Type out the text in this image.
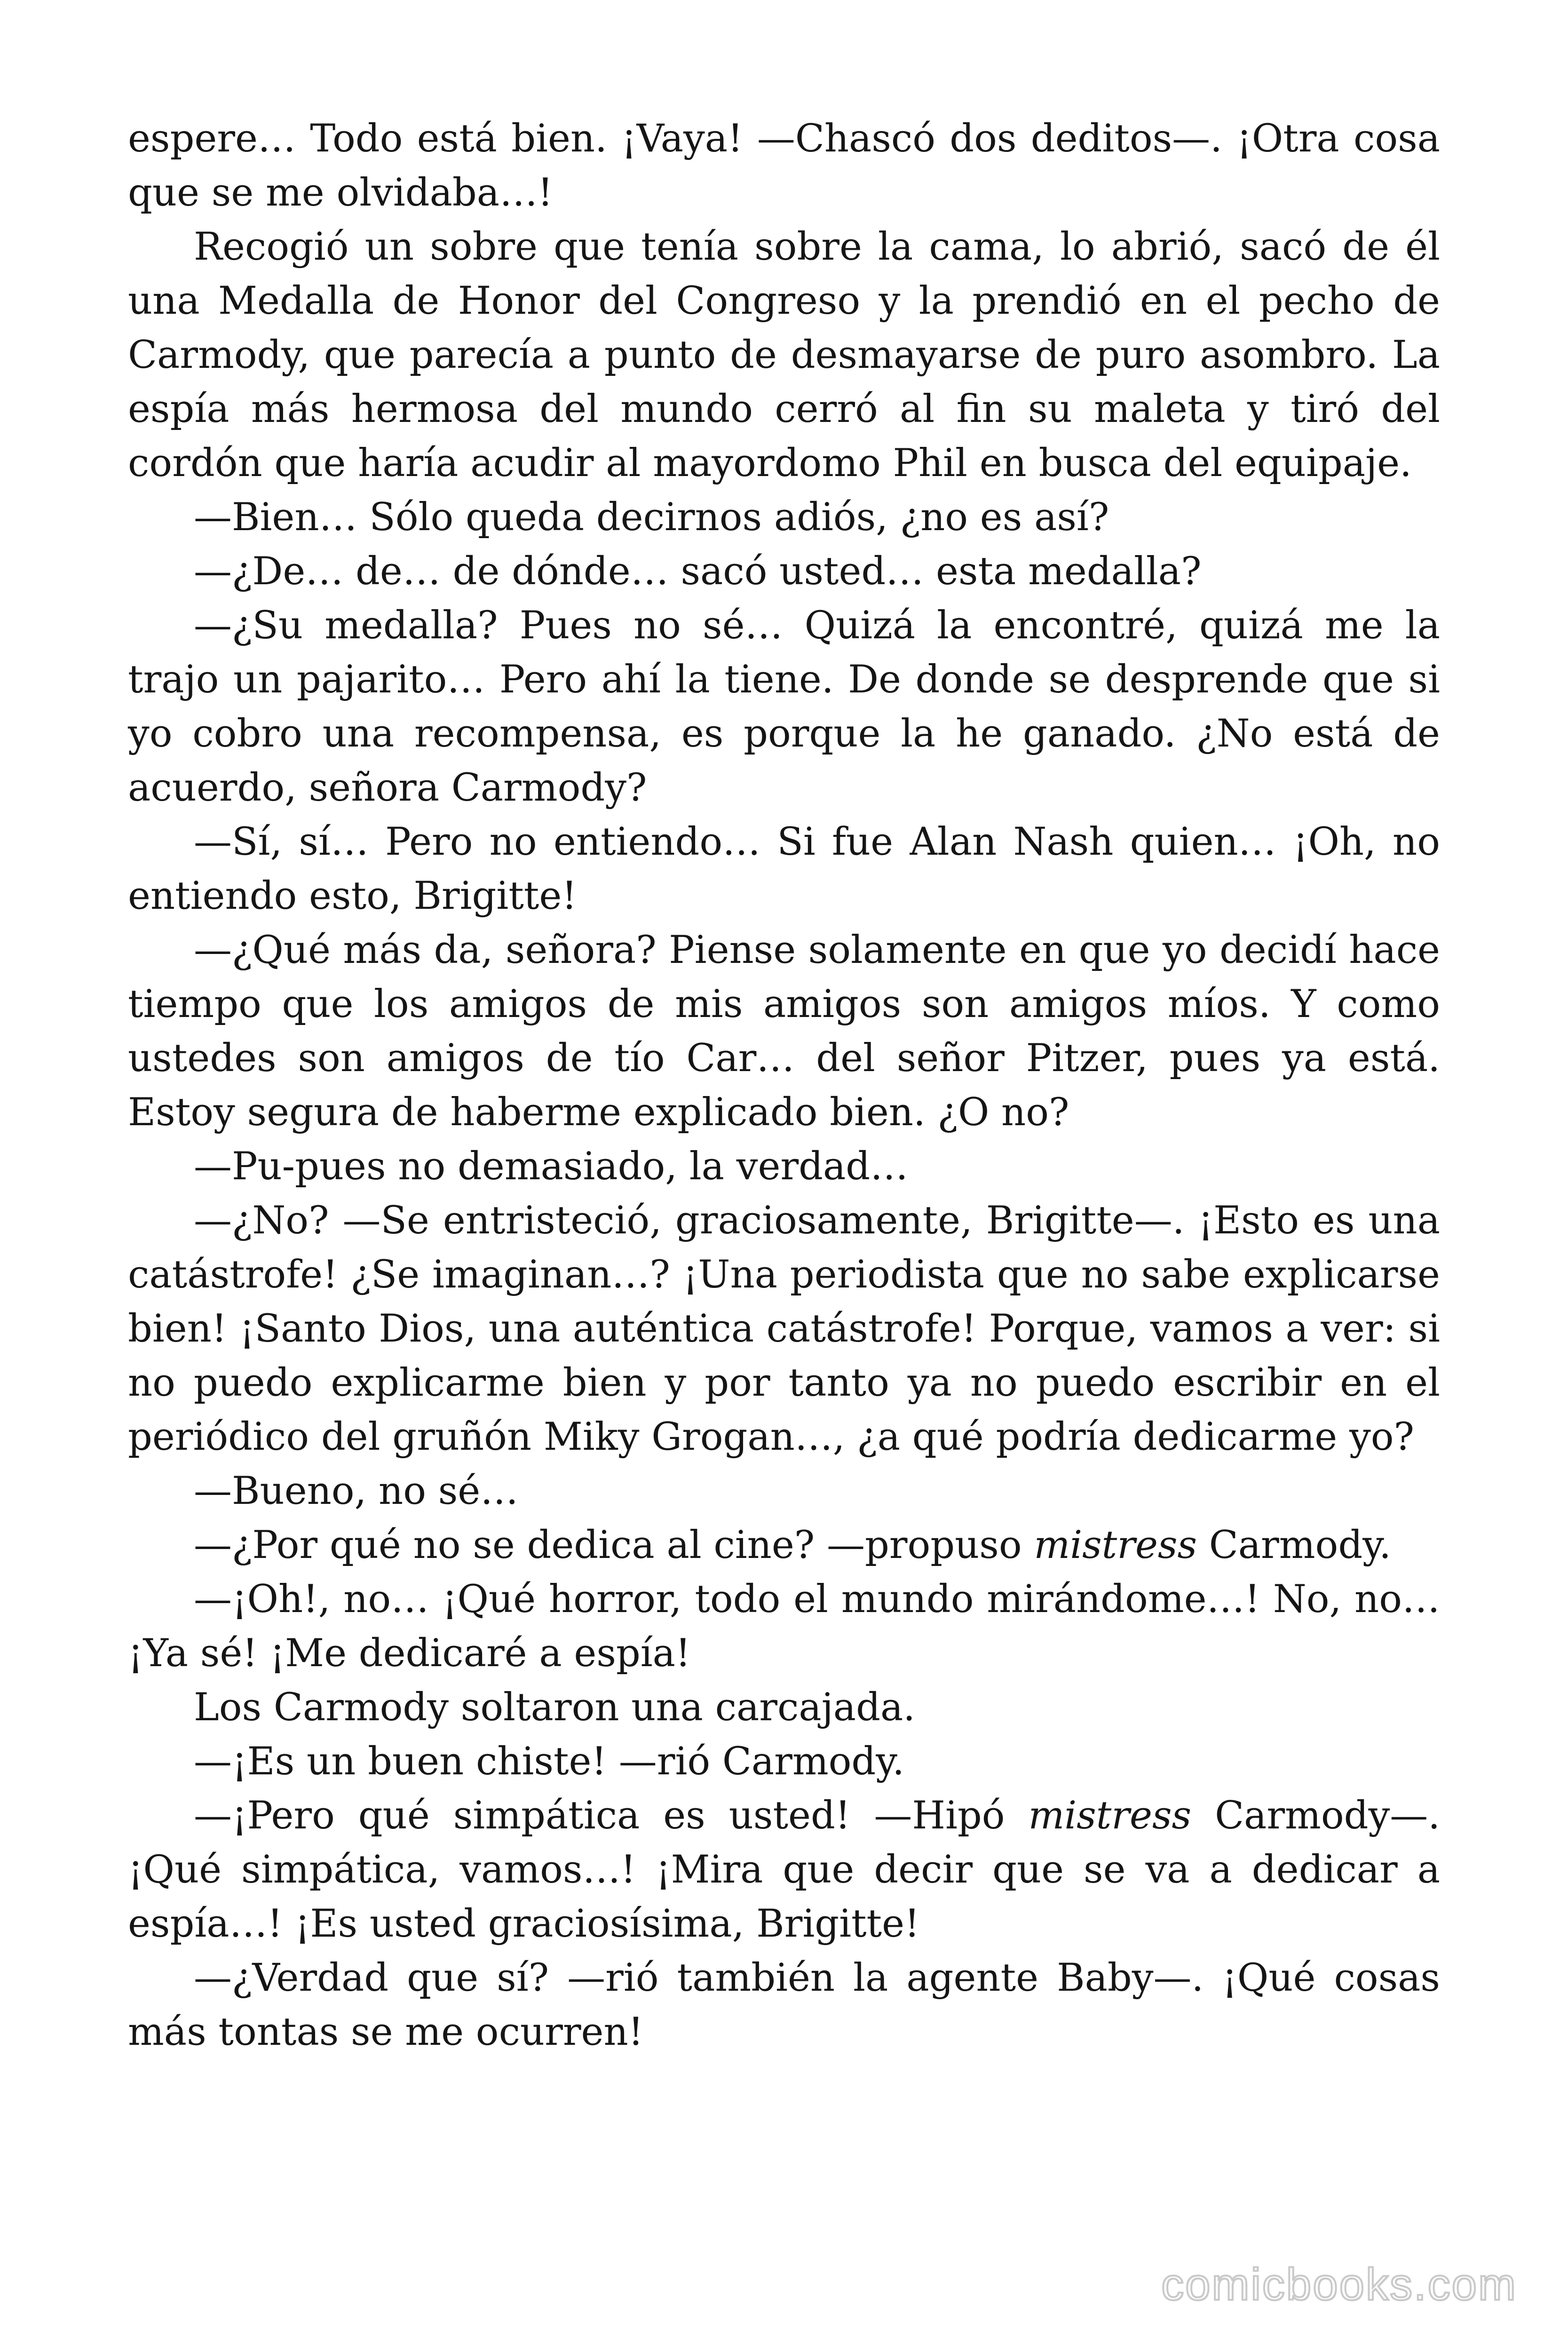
espere… Todo está bien. ¡Vaya! —Chascó dos deditos—. ¡Otra cosa que se me olvidaba…!

Recogió un sobre que tenía sobre la cama, lo abrió, sacó de él una Medalla de Honor del Congreso y la prendió en el pecho de Carmody, que parecía a punto de desmayarse de puro asombro. La espía más hermosa del mundo cerró al fin su maleta y tiró del cordón que haría acudir al mayordomo Phil en busca del equipaje.

—Bien… Sólo queda decirnos adiós, ¿no es así?

—¿De… de… de dónde… sacó usted… esta medalla?

—¿Su medalla? Pues no sé… Quizá la encontré, quizá me la trajo un pajarito… Pero ahí la tiene. De donde se desprende que si yo cobro una recompensa, es porque la he ganado. ¿No está de acuerdo, señora Carmody?

—Sí, sí… Pero no entiendo… Si fue Alan Nash quien… ¡Oh, no entiendo esto, Brigitte!

—¿Qué más da, señora? Piense solamente en que yo decidí hace tiempo que los amigos de mis amigos son amigos míos. Y como ustedes son amigos de tío Car… del señor Pitzer, pues ya está. Estoy segura de haberme explicado bien. ¿O no?

—Pu-pues no demasiado, la verdad…

—¿No? —Se entristeció, graciosamente, Brigitte—. ¡Esto es una catástrofe! ¿Se imaginan…? ¡Una periodista que no sabe explicarse bien! ¡Santo Dios, una auténtica catástrofe! Porque, vamos a ver: si no puedo explicarme bien y por tanto ya no puedo escribir en el periódico del gruñón Miky Grogan…, ¿a qué podría dedicarme yo?

—Bueno, no sé…

—¿Por qué no se dedica al cine? —propuso mistress Carmody.

—¡Oh!, no… ¡Qué horror, todo el mundo mirándome…! No, no… ¡Ya sé! ¡Me dedicaré a espía!

Los Carmody soltaron una carcajada.

—¡Es un buen chiste! —rió Carmody.

—¡Pero qué simpática es usted! —Hipó mistress Carmody—. ¡Qué simpática, vamos…! ¡Mira que decir que se va a dedicar a espía…! ¡Es usted graciosísima, Brigitte!

—¿Verdad que sí? —rió también la agente Baby—. ¡Qué cosas más tontas se me ocurren!

comicbooks.com
